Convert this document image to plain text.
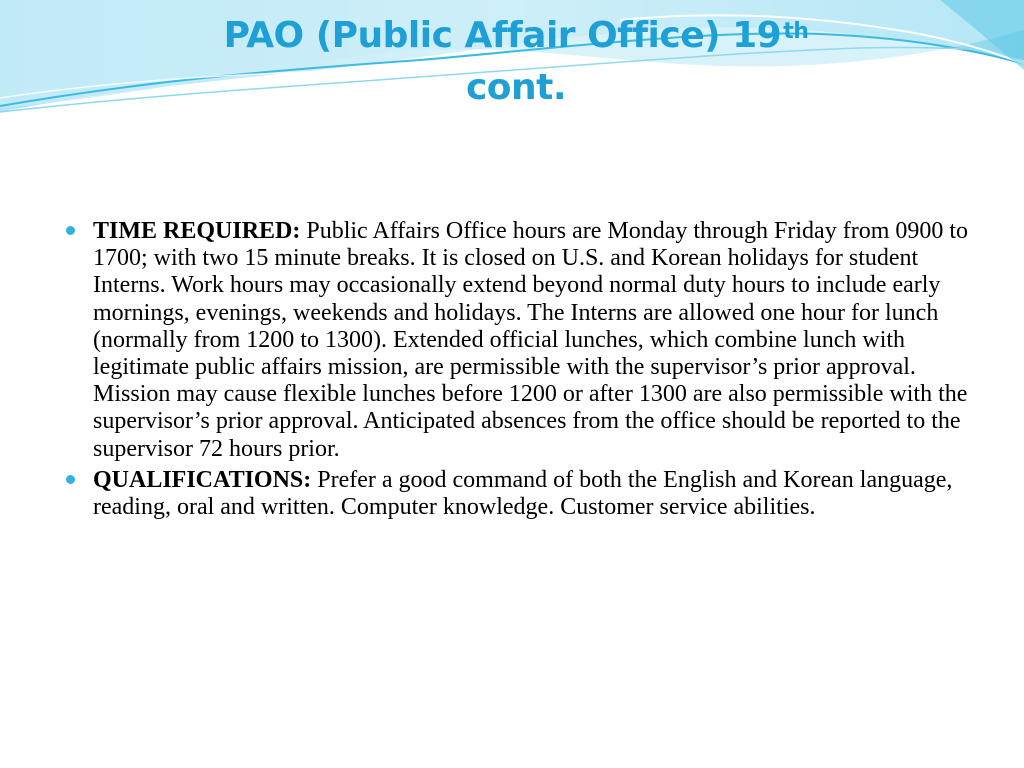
PAO (Public Affair Office) 19th
cont.
TIME REQUIRED: Public Affairs Office hours are Monday through Friday from 0900 to 1700; with two 15 minute breaks. It is closed on U.S. and Korean holidays for student Interns. Work hours may occasionally extend beyond normal duty hours to include early mornings, evenings, weekends and holidays. The Interns are allowed one hour for lunch (normally from 1200 to 1300). Extended official lunches, which combine lunch with legitimate public affairs mission, are permissible with the supervisor’s prior approval. Mission may cause flexible lunches before 1200 or after 1300 are also permissible with the supervisor’s prior approval. Anticipated absences from the office should be reported to the supervisor 72 hours prior.
QUALIFICATIONS: Prefer a good command of both the English and Korean language, reading, oral and written. Computer knowledge. Customer service abilities.
